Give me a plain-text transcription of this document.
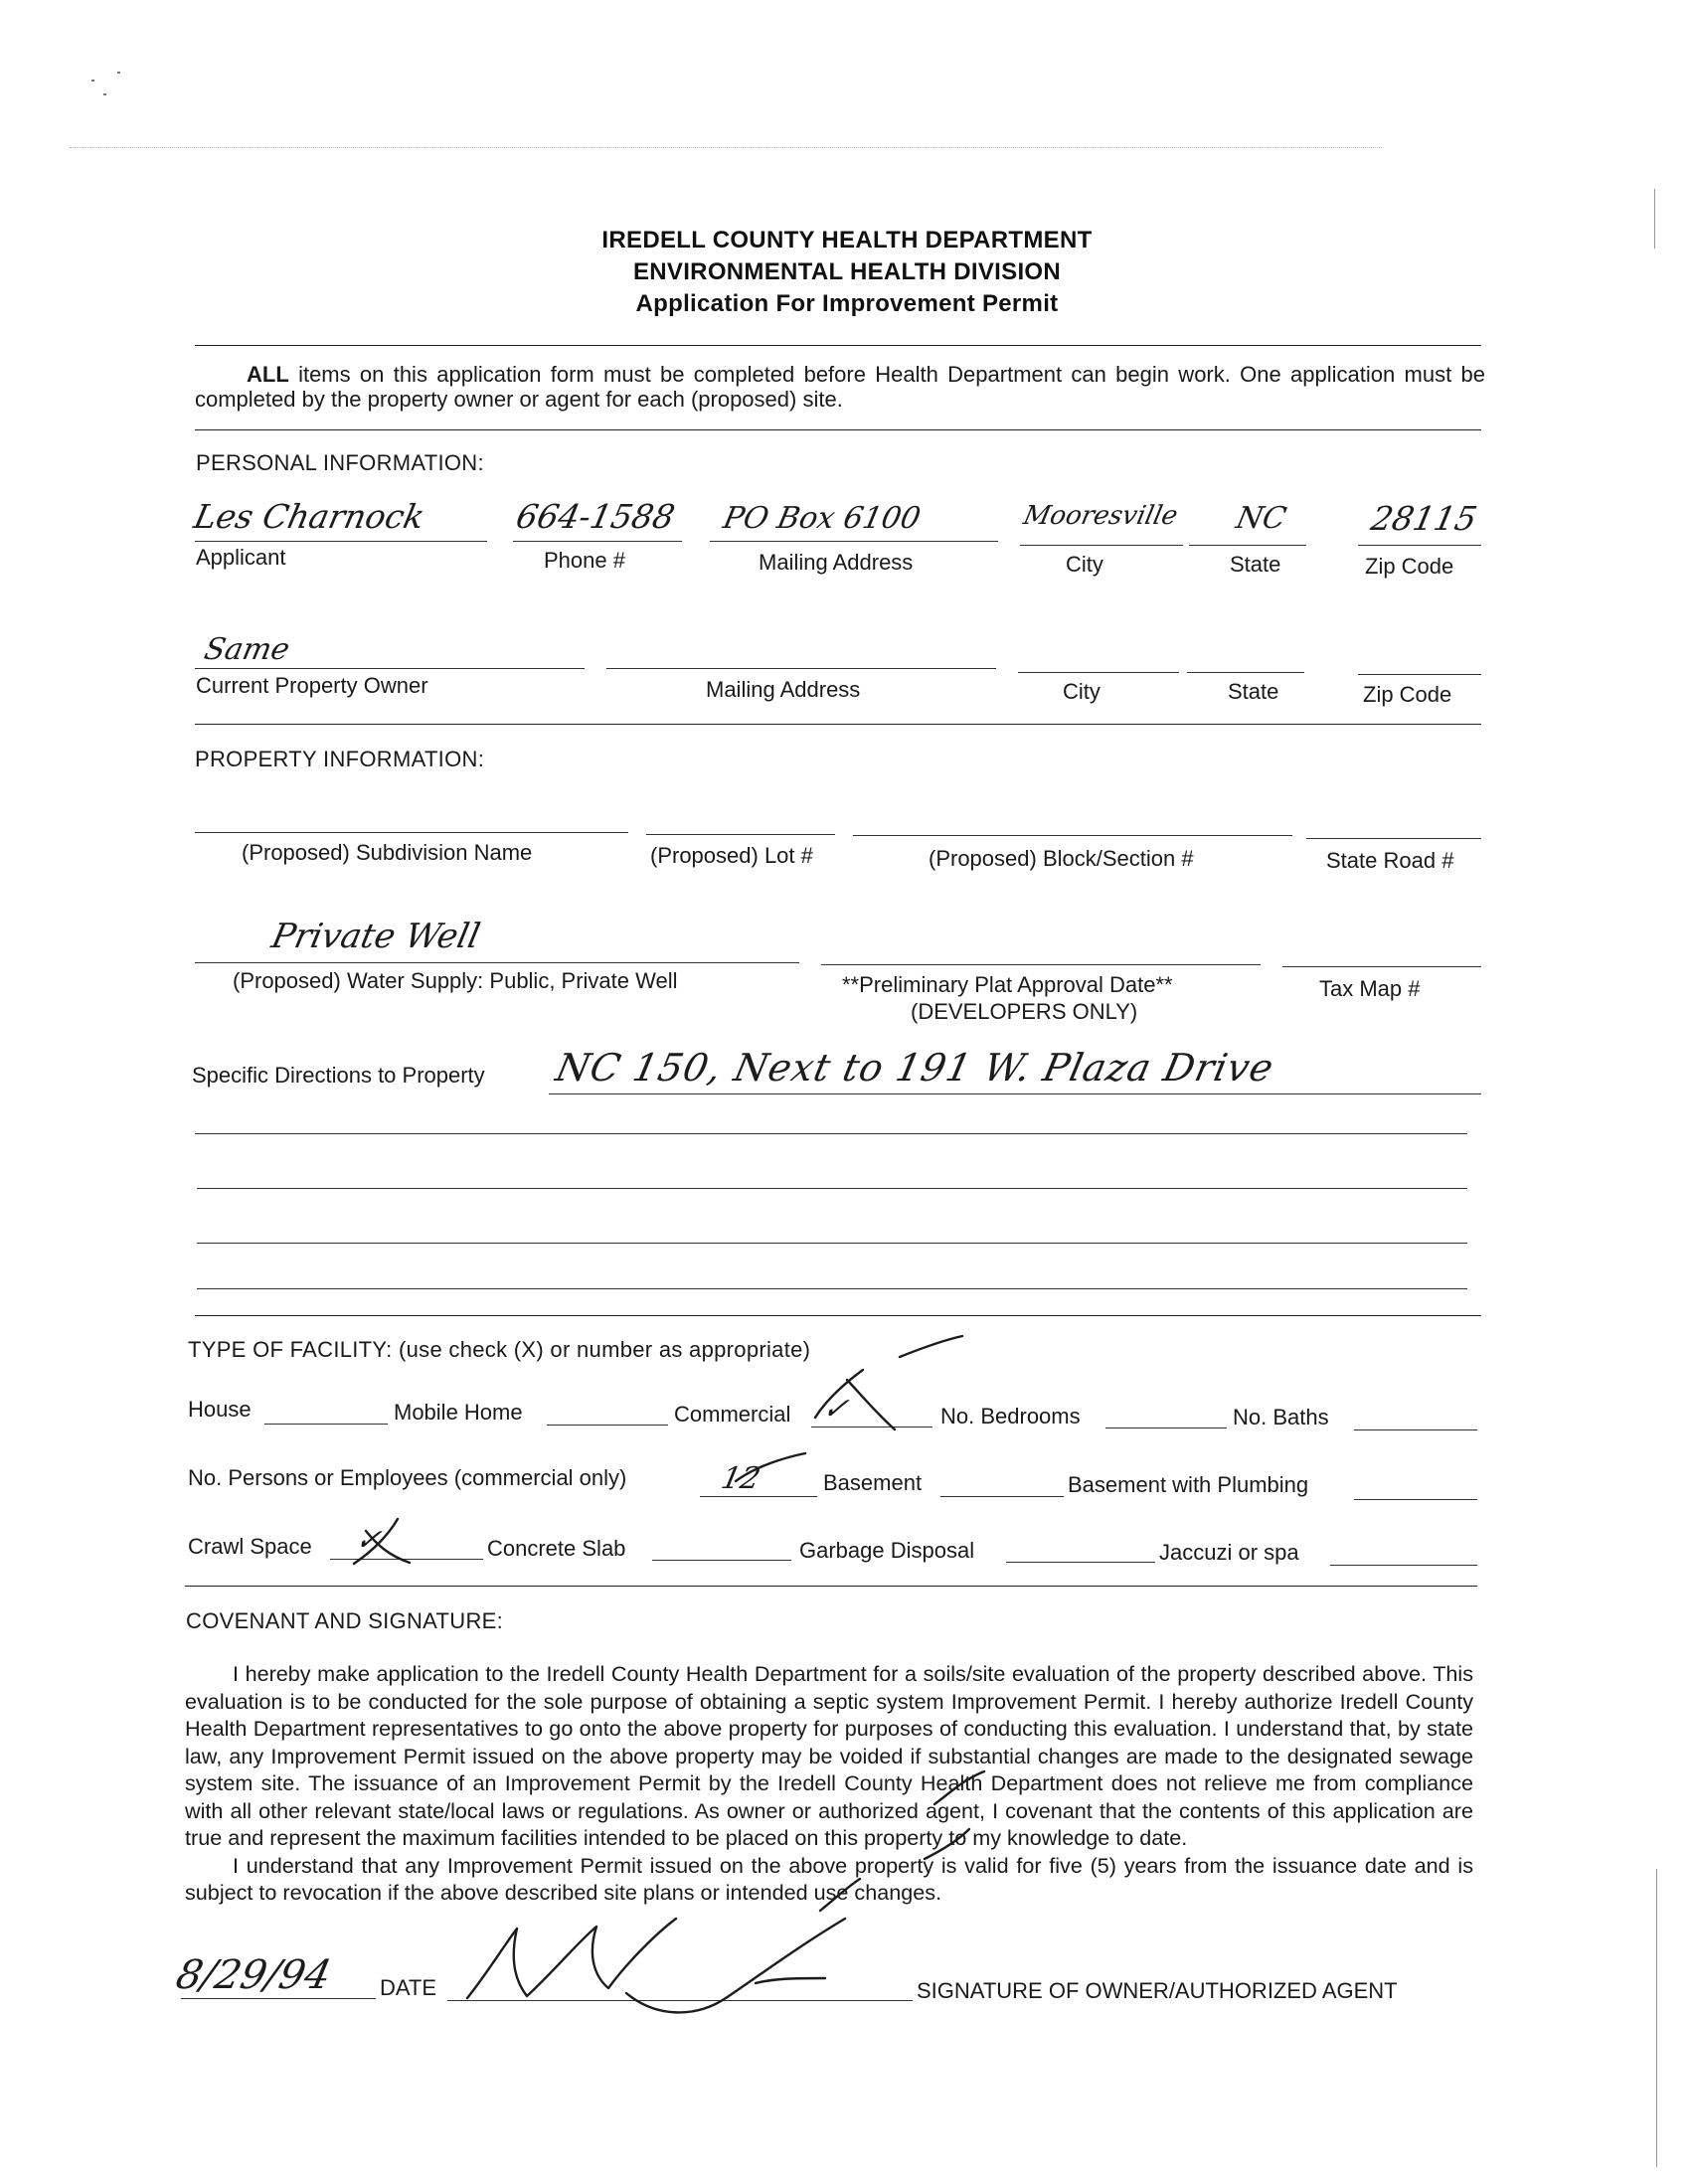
IREDELL COUNTY HEALTH DEPARTMENT
ENVIRONMENTAL HEALTH DIVISION
Application For Improvement Permit
ALL items on this application form must be completed before Health Department can begin work. One application must be completed by the property owner or agent for each (proposed) site.
PERSONAL INFORMATION:
Les Charnock
Applicant
664-1588
Phone #
PO Box 6100
Mailing Address
Mooresville
City
NC
State
28115
Zip Code
Same
Current Property Owner	Mailing Address	City	State	Zip Code
PROPERTY INFORMATION:
(Proposed) Subdivision Name	(Proposed) Lot #	(Proposed) Block/Section #	State Road #
Private Well
(Proposed) Water Supply: Public, Private Well	**Preliminary Plat Approval Date**
(DEVELOPERS ONLY)
Tax Map #
Specific Directions to Property NC 150, Next to 191 W. Plaza Drive
TYPE OF FACILITY: (use check (X) or number as appropriate)
House	Mobile Home	Commercial ✓	No. Bedrooms	No. Baths
No. Persons or Employees (commercial only)	12	Basement	Basement with Plumbing
Crawl Space ✓	Concrete Slab	Garbage Disposal	Jaccuzi or spa
COVENANT AND SIGNATURE:

I hereby make application to the Iredell County Health Department for a soils/site evaluation of the property described above. This evaluation is to be conducted for the sole purpose of obtaining a septic system Improvement Permit. I hereby authorize Iredell County Health Department representatives to go onto the above property for purposes of conducting this evaluation. I understand that, by state law, any Improvement Permit issued on the above property may be voided if substantial changes are made to the designated sewage system site. The issuance of an Improvement Permit by the Iredell County Health Department does not relieve me from compliance with all other relevant state/local laws or regulations. As owner or authorized agent, I covenant that the contents of this application are true and represent the maximum facilities intended to be placed on this property to my knowledge to date.

I understand that any Improvement Permit issued on the above property is valid for five (5) years from the issuance date and is subject to revocation if the above described site plans or intended use changes.

8/29/94 DATE	SIGNATURE OF OWNER/AUTHORIZED AGENT
